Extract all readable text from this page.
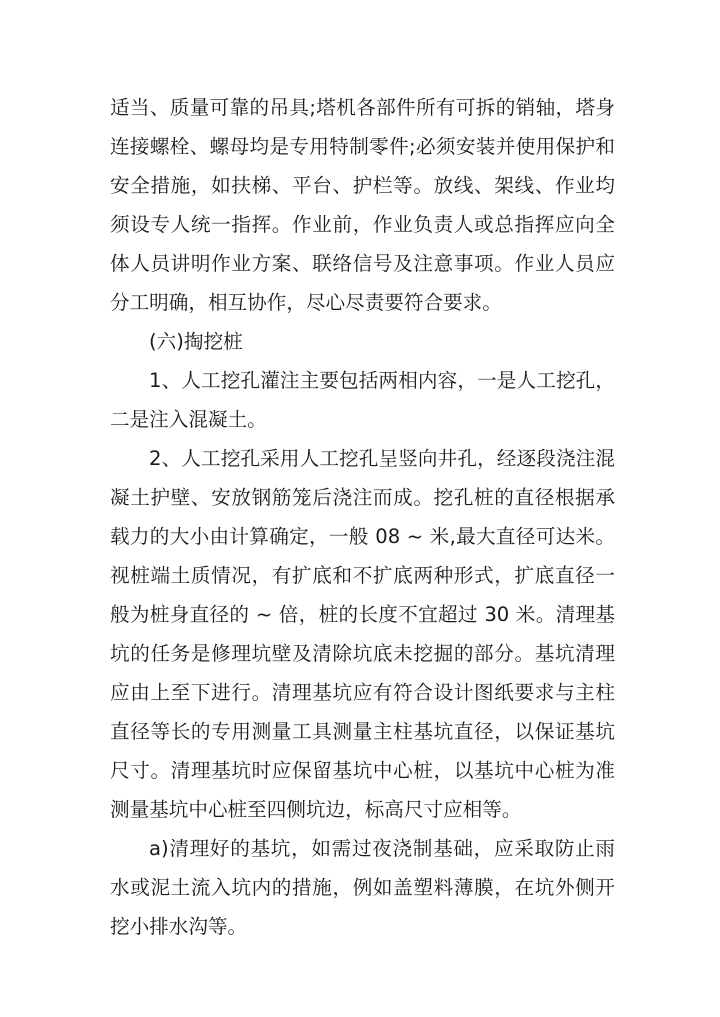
适当、质量可靠的吊具;塔机各部件所有可拆的销轴，塔身连接螺栓、螺母均是专用特制零件;必须安装并使用保护和安全措施，如扶梯、平台、护栏等。放线、架线、作业均须设专人统一指挥。作业前，作业负责人或总指挥应向全体人员讲明作业方案、联络信号及注意事项。作业人员应分工明确，相互协作，尽心尽责要符合要求。

(六)掏挖桩

1、人工挖孔灌注主要包括两相内容，一是人工挖孔，二是注入混凝土。

2、人工挖孔采用人工挖孔呈竖向井孔，经逐段浇注混凝土护壁、安放钢筋笼后浇注而成。挖孔桩的直径根据承载力的大小由计算确定，一般 08 ~ 米,最大直径可达米。视桩端土质情况，有扩底和不扩底两种形式，扩底直径一般为桩身直径的 ~ 倍，桩的长度不宜超过 30 米。清理基坑的任务是修理坑壁及清除坑底未挖掘的部分。基坑清理应由上至下进行。清理基坑应有符合设计图纸要求与主柱直径等长的专用测量工具测量主柱基坑直径，以保证基坑尺寸。清理基坑时应保留基坑中心桩，以基坑中心桩为准测量基坑中心桩至四侧坑边，标高尺寸应相等。

a)清理好的基坑，如需过夜浇制基础，应采取防止雨水或泥土流入坑内的措施，例如盖塑料薄膜，在坑外侧开挖小排水沟等。
